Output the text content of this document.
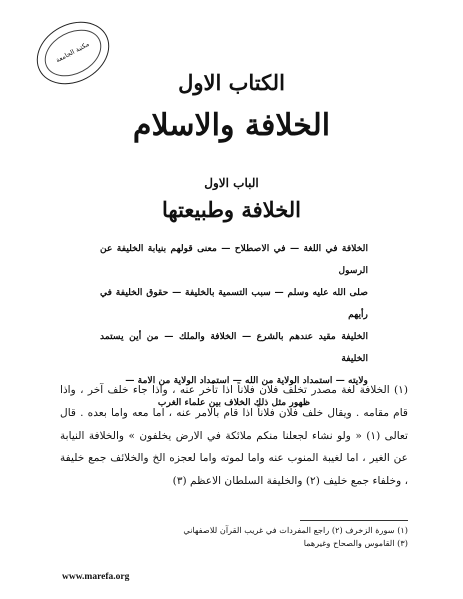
مكتبة الجامعة
الكتاب الاول
الخلافة والاسلام
الباب الاول
الخلافة وطبيعتها
الخلافة في اللغة — في الاصطلاح — معنى قولهم بنيابة الخليفة عن الرسول
صلى الله عليه وسلم — سبب التسمية بالخليفة — حقوق الخليفة في رأيهم
الخليفة مقيد عندهم بالشرع — الخلافة والملك — من أين يستمد الخليفة
ولايته — استمداد الولاية من الله — استمداد الولاية من الامة —
ظهور مثل ذلك الخلاف بين علماء الغرب
(١) الخلافة لغة مصدر تخلف فلان فلاناً اذا تأخر عنه ، واذا جاء خلف آخر ، واذا قام مقامه . ويقال خلف فلان فلاناً اذا قام بالامر عنه ، اما معه واما بعده . قال تعالى (١) « ولو نشاء لجعلنا منكم ملائكة في الارض يخلفون » والخلافة النيابة عن الغير ، اما لغيبة المنوب عنه واما لموته واما لعجزه الخ والخلائف جمع خليفة ، وخلفاء جمع خليف (٢) والخليفة السلطان الاعظم (٣)
(١) سورة الزخرف (٢) راجع المفردات في غريب القرآن للاصفهاني
(٣) القاموس والصحاح وغيرهما
www.marefa.org
